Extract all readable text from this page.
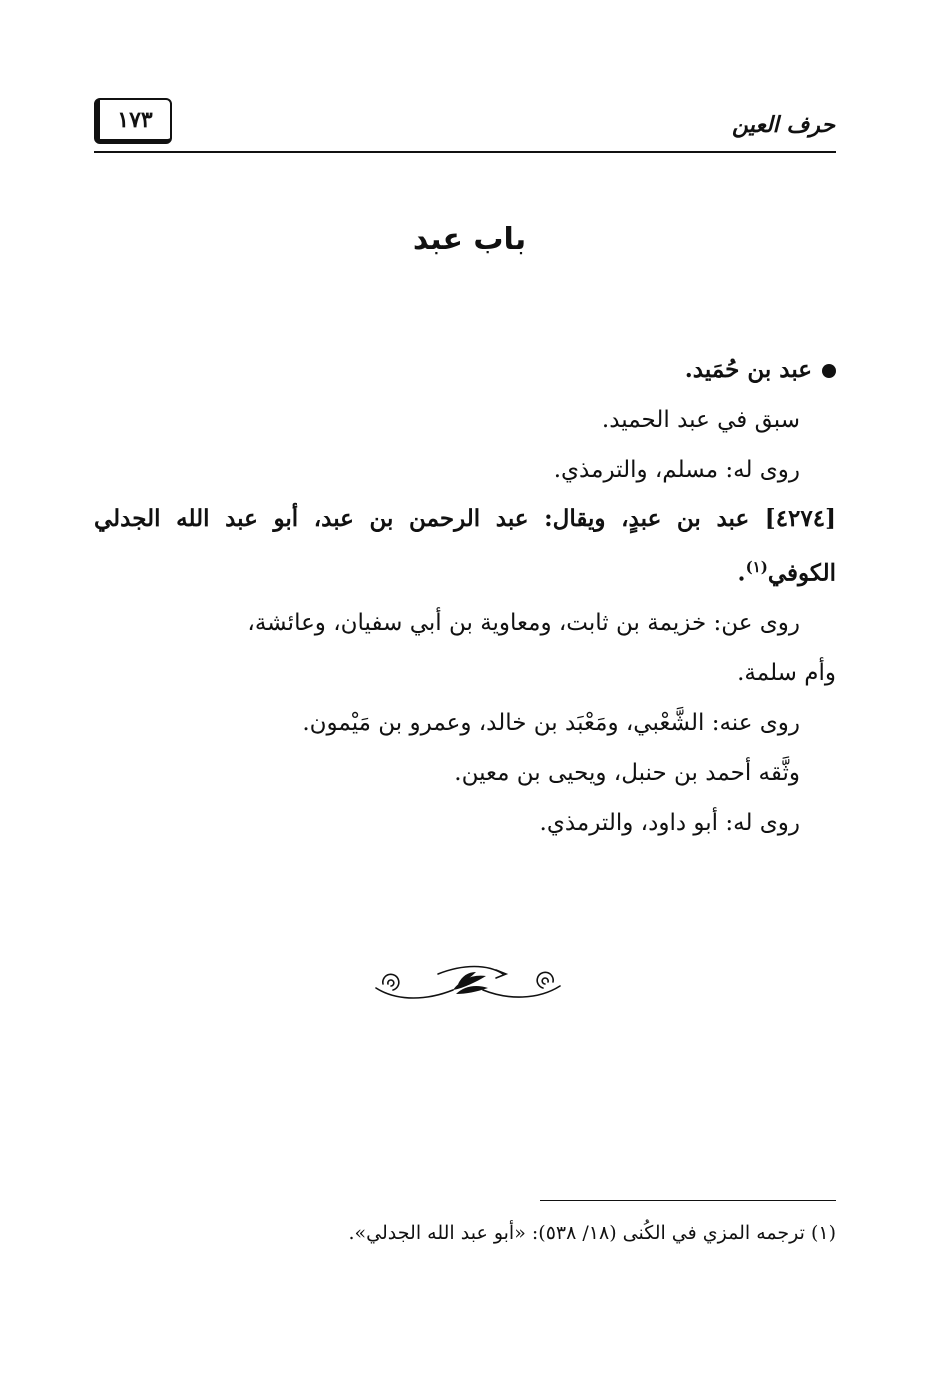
حرف العين
١٧٣
باب عبد
عبد بن حُمَيد.
سبق في عبد الحميد.
روى له: مسلم، والترمذي.
[٤٢٧٤] عبد بن عبدٍ، ويقال: عبد الرحمن بن عبد، أبو عبد الله الجدلي الكوفي$^{(١)}$.
روى عن: خزيمة بن ثابت، ومعاوية بن أبي سفيان، وعائشة،
وأم سلمة.
روى عنه: الشَّعْبي، ومَعْبَد بن خالد، وعمرو بن مَيْمون.
وثَّقه أحمد بن حنبل، ويحيى بن معين.
روى له: أبو داود، والترمذي.
(١) ترجمه المزي في الكُنى (١٨/ ٥٣٨): «أبو عبد الله الجدلي».
